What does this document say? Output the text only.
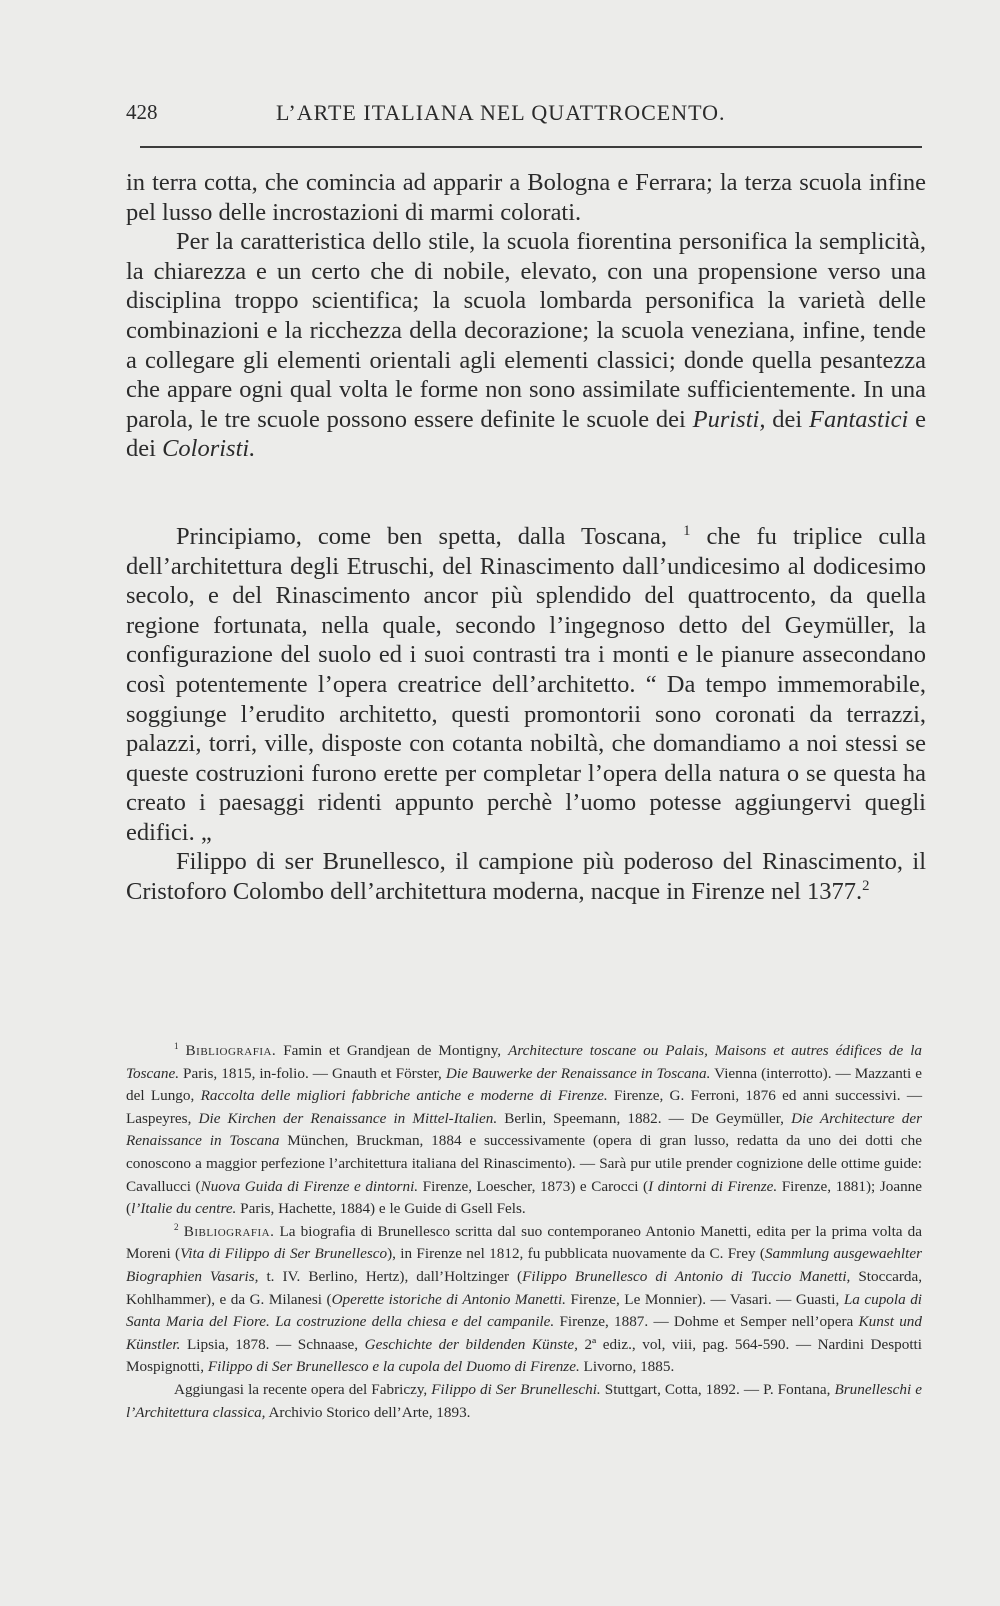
428	L’ARTE ITALIANA NEL QUATTROCENTO.

in terra cotta, che comincia ad apparir a Bologna e Ferrara; la terza scuola infine pel lusso delle incrostazioni di marmi colorati.

Per la caratteristica dello stile, la scuola fiorentina personifica la semplicità, la chiarezza e un certo che di nobile, elevato, con una propensione verso una disciplina troppo scientifica; la scuola lombarda personifica la varietà delle combinazioni e la ricchezza della decorazione; la scuola veneziana, infine, tende a collegare gli elementi orientali agli elementi classici; donde quella pesantezza che appare ogni qual volta le forme non sono assimilate sufficientemente. In una parola, le tre scuole possono essere definite le scuole dei Puristi, dei Fantastici e dei Coloristi.

Principiamo, come ben spetta, dalla Toscana, $^1$ che fu triplice culla dell’architettura degli Etruschi, del Rinascimento dall’undicesimo al dodicesimo secolo, e del Rinascimento ancor più splendido del quattrocento, da quella regione fortunata, nella quale, secondo l’ingegnoso detto del Geymüller, la configurazione del suolo ed i suoi contrasti tra i monti e le pianure assecondano così potentemente l’opera creatrice dell’architetto. “ Da tempo immemorabile, soggiunge l’erudito architetto, questi promontorii sono coronati da terrazzi, palazzi, torri, ville, disposte con cotanta nobiltà, che domandiamo a noi stessi se queste costruzioni furono erette per completar l’opera della natura o se questa ha creato i paesaggi ridenti appunto perchè l’uomo potesse aggiungervi quegli edifici. „

Filippo di ser Brunellesco, il campione più poderoso del Rinascimento, il Cristoforo Colombo dell’architettura moderna, nacque in Firenze nel 1377.$^2$

$^1$ Bibliografia. Famin et Grandjean de Montigny, Architecture toscane ou Palais, Maisons et autres édifices de la Toscane. Paris, 1815, in-folio. — Gnauth et Förster, Die Bauwerke der Renaissance in Toscana. Vienna (interrotto). — Mazzanti e del Lungo, Raccolta delle migliori fabbriche antiche e moderne di Firenze. Firenze, G. Ferroni, 1876 ed anni successivi. — Laspeyres, Die Kirchen der Renaissance in Mittel-Italien. Berlin, Speemann, 1882. — De Geymüller, Die Architecture der Renaissance in Toscana München, Bruckman, 1884 e successivamente (opera di gran lusso, redatta da uno dei dotti che conoscono a maggior perfezione l’architettura italiana del Rinascimento). — Sarà pur utile prender cognizione delle ottime guide: Cavallucci (Nuova Guida di Firenze e dintorni. Firenze, Loescher, 1873) e Carocci (I dintorni di Firenze. Firenze, 1881); Joanne (l’Italie du centre. Paris, Hachette, 1884) e le Guide di Gsell Fels.

$^2$ Bibliografia. La biografia di Brunellesco scritta dal suo contemporaneo Antonio Manetti, edita per la prima volta da Moreni (Vita di Filippo di Ser Brunellesco), in Firenze nel 1812, fu pubblicata nuovamente da C. Frey (Sammlung ausgewaehlter Biographien Vasaris, t. IV. Berlino, Hertz), dall’Holtzinger (Filippo Brunellesco di Antonio di Tuccio Manetti, Stoccarda, Kohlhammer), e da G. Milanesi (Operette istoriche di Antonio Manetti. Firenze, Le Monnier). — Vasari. — Guasti, La cupola di Santa Maria del Fiore. La costruzione della chiesa e del campanile. Firenze, 1887. — Dohme et Semper nell’opera Kunst und Künstler. Lipsia, 1878. — Schnaase, Geschichte der bildenden Künste, 2ª ediz., vol, viii, pag. 564-590. — Nardini Despotti Mospignotti, Filippo di Ser Brunellesco e la cupola del Duomo di Firenze. Livorno, 1885.

Aggiungasi la recente opera del Fabriczy, Filippo di Ser Brunelleschi. Stuttgart, Cotta, 1892. — P. Fontana, Brunelleschi e l’Architettura classica, Archivio Storico dell’Arte, 1893.
